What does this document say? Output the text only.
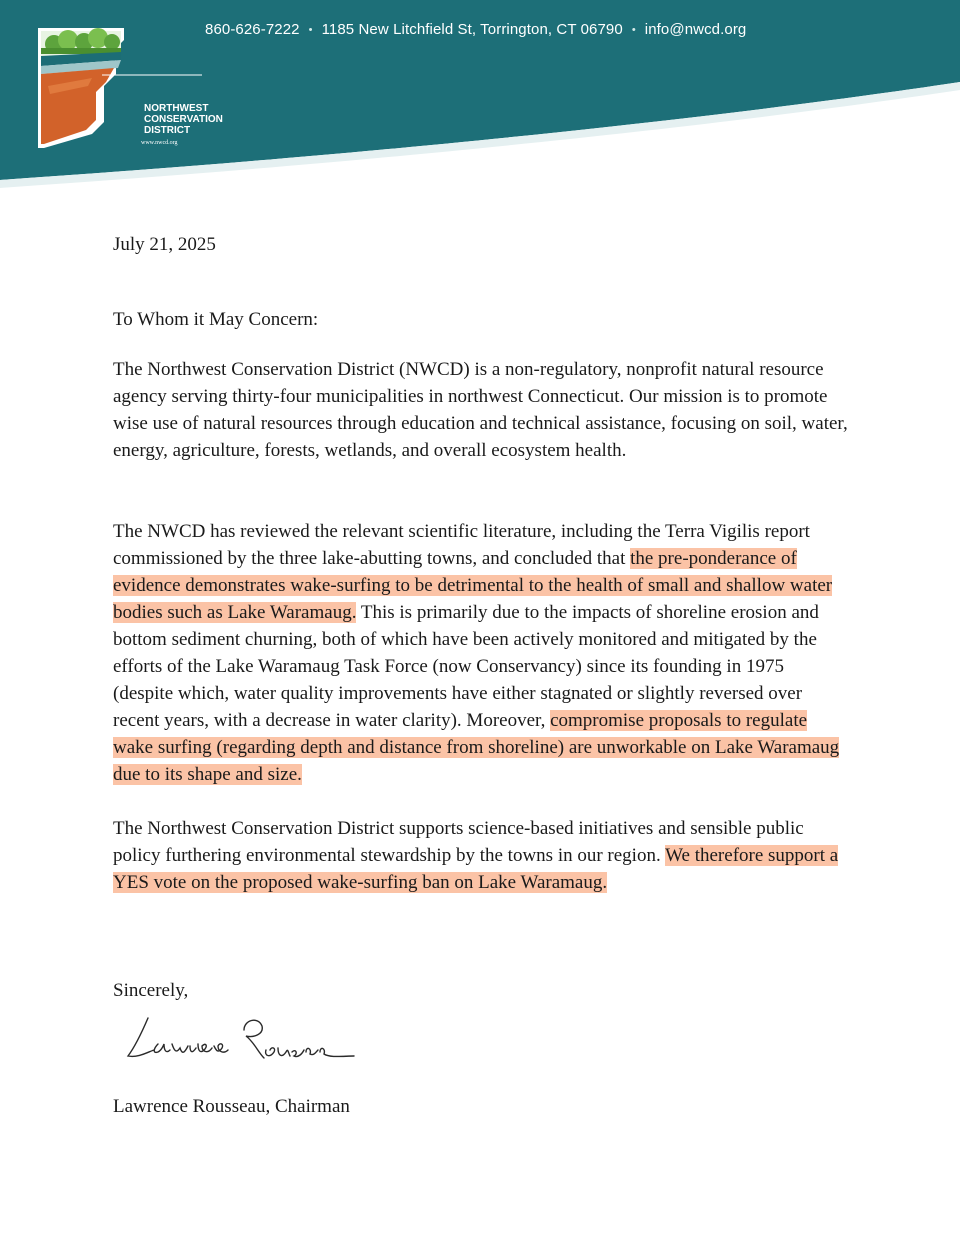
860-626-7222 • 1185 New Litchfield St, Torrington, CT 06790 • info@nwcd.org
NORTHWEST
CONSERVATION
DISTRICT
www.nwcd.org
July 21, 2025
To Whom it May Concern:
The Northwest Conservation District (NWCD) is a non-regulatory, nonprofit natural resource agency serving thirty-four municipalities in northwest Connecticut. Our mission is to promote wise use of natural resources through education and technical assistance, focusing on soil, water, energy, agriculture, forests, wetlands, and overall ecosystem health.
The NWCD has reviewed the relevant scientific literature, including the Terra Vigilis report commissioned by the three lake-abutting towns, and concluded that the pre-ponderance of evidence demonstrates wake-surfing to be detrimental to the health of small and shallow water bodies such as Lake Waramaug. This is primarily due to the impacts of shoreline erosion and bottom sediment churning, both of which have been actively monitored and mitigated by the efforts of the Lake Waramaug Task Force (now Conservancy) since its founding in 1975 (despite which, water quality improvements have either stagnated or slightly reversed over recent years, with a decrease in water clarity). Moreover, compromise proposals to regulate wake surfing (regarding depth and distance from shoreline) are unworkable on Lake Waramaug due to its shape and size.
The Northwest Conservation District supports science-based initiatives and sensible public policy furthering environmental stewardship by the towns in our region. We therefore support a YES vote on the proposed wake-surfing ban on Lake Waramaug.
Sincerely,
Lawrence Rousseau, Chairman
